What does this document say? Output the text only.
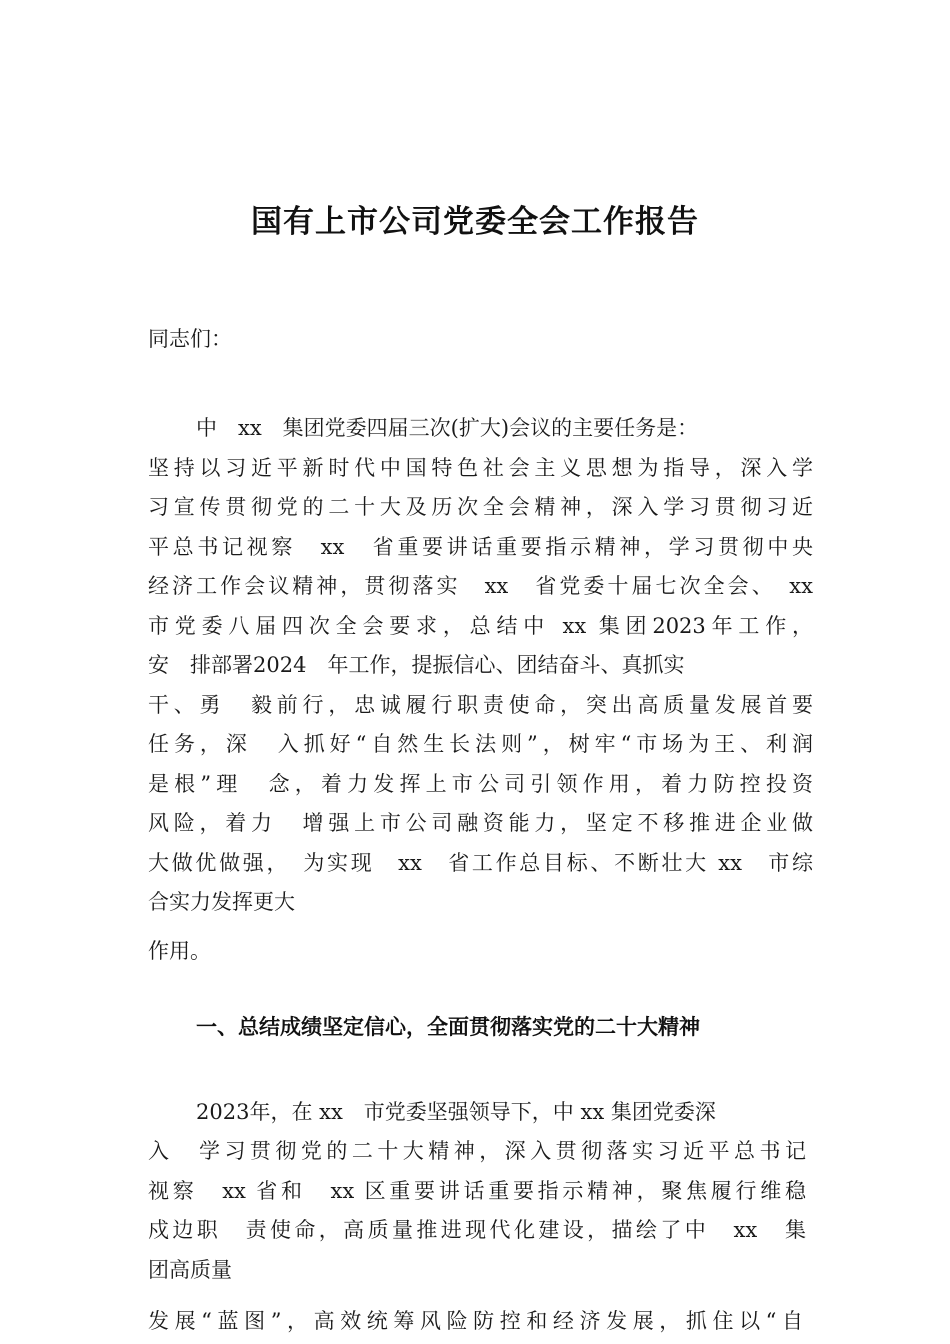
国有上市公司党委全会工作报告

同志们：

中　xx　集团党委四届三次(扩大)会议的主要任务是：

坚持以习近平新时代中国特色社会主义思想为指导，深入学

习宣传贯彻党的二十大及历次全会精神，深入学习贯彻习近

平总书记视察　xx　省重要讲话重要指示精神，学习贯彻中央

经济工作会议精神，贯彻落实　xx　省党委十届七次全会、　xx

市党委八届四次全会要求，总结中 xx 集团2023年工作，

安　排部署2024　年工作，提振信心、团结奋斗、真抓实

干、勇　毅前行，忠诚履行职责使命，突出高质量发展首要

任务，深　入抓好“自然生长法则”，树牢“市场为王、利润

是根”理　念，着力发挥上市公司引领作用，着力防控投资

风险，着力　增强上市公司融资能力，坚定不移推进企业做

大做优做强，　为实现　xx　省工作总目标、不断壮大 xx　市综

合实力发挥更大

作用。

一、总结成绩坚定信心，全面贯彻落实党的二十大精神

2023年，在 xx　市党委坚强领导下，中 xx 集团党委深

入　学习贯彻党的二十大精神，深入贯彻落实习近平总书记

视察　xx 省和　xx 区重要讲话重要指示精神，聚焦履行维稳

戍边职　责使命，高质量推进现代化建设，描绘了中　xx　集

团高质量

发展“蓝图”，高效统筹风险防控和经济发展，抓住以“自
